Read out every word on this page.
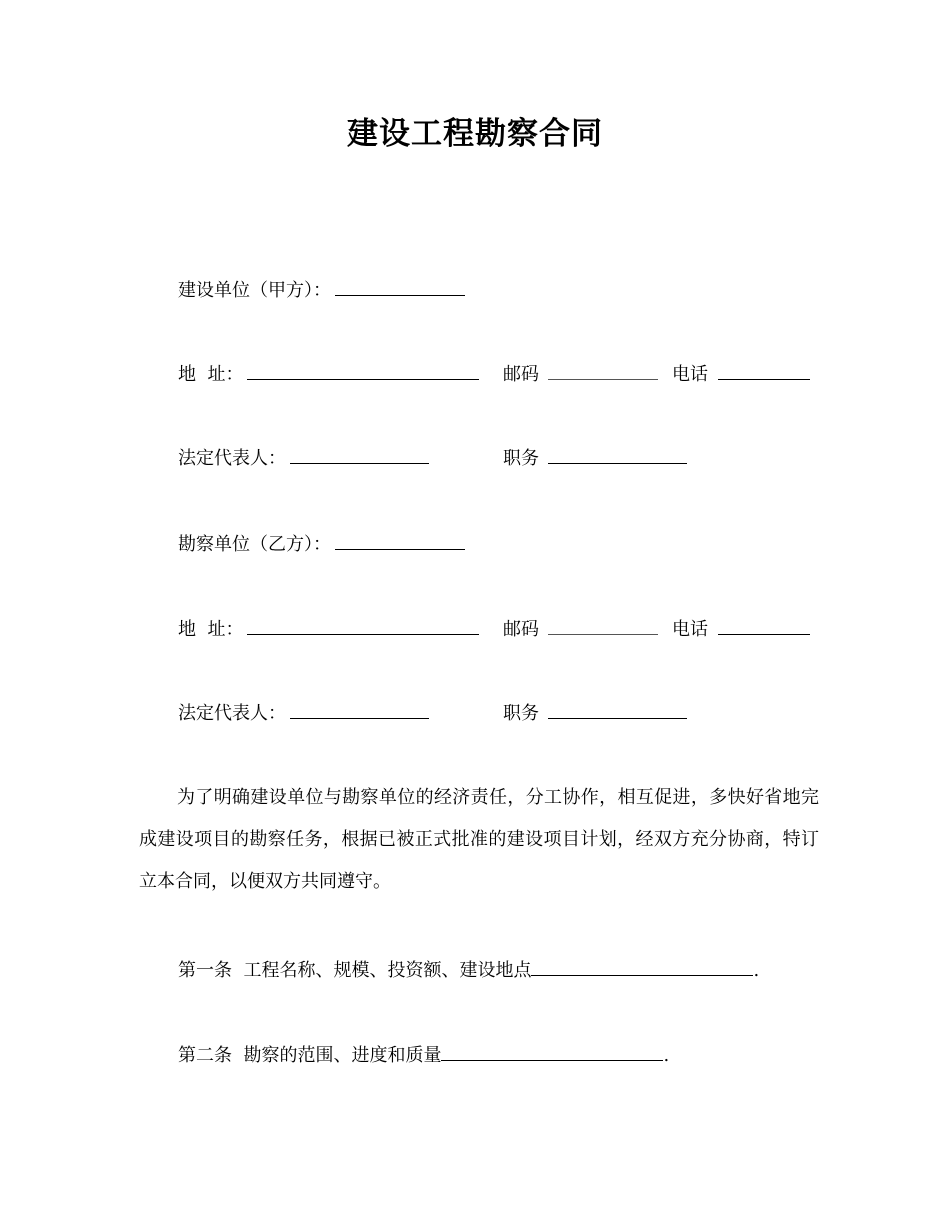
建设工程勘察合同
建设单位（甲方）：
地  址：	邮码	电话
法定代表人：	职务
勘察单位（乙方）：
地  址：	邮码	电话
法定代表人：	职务
为了明确建设单位与勘察单位的经济责任，分工协作，相互促进，多快好省地完成建设项目的勘察任务，根据已被正式批准的建设项目计划，经双方充分协商，特订立本合同，以便双方共同遵守。
第一条  工程名称、规模、投资额、建设地点	.
第二条  勘察的范围、进度和质量	.
